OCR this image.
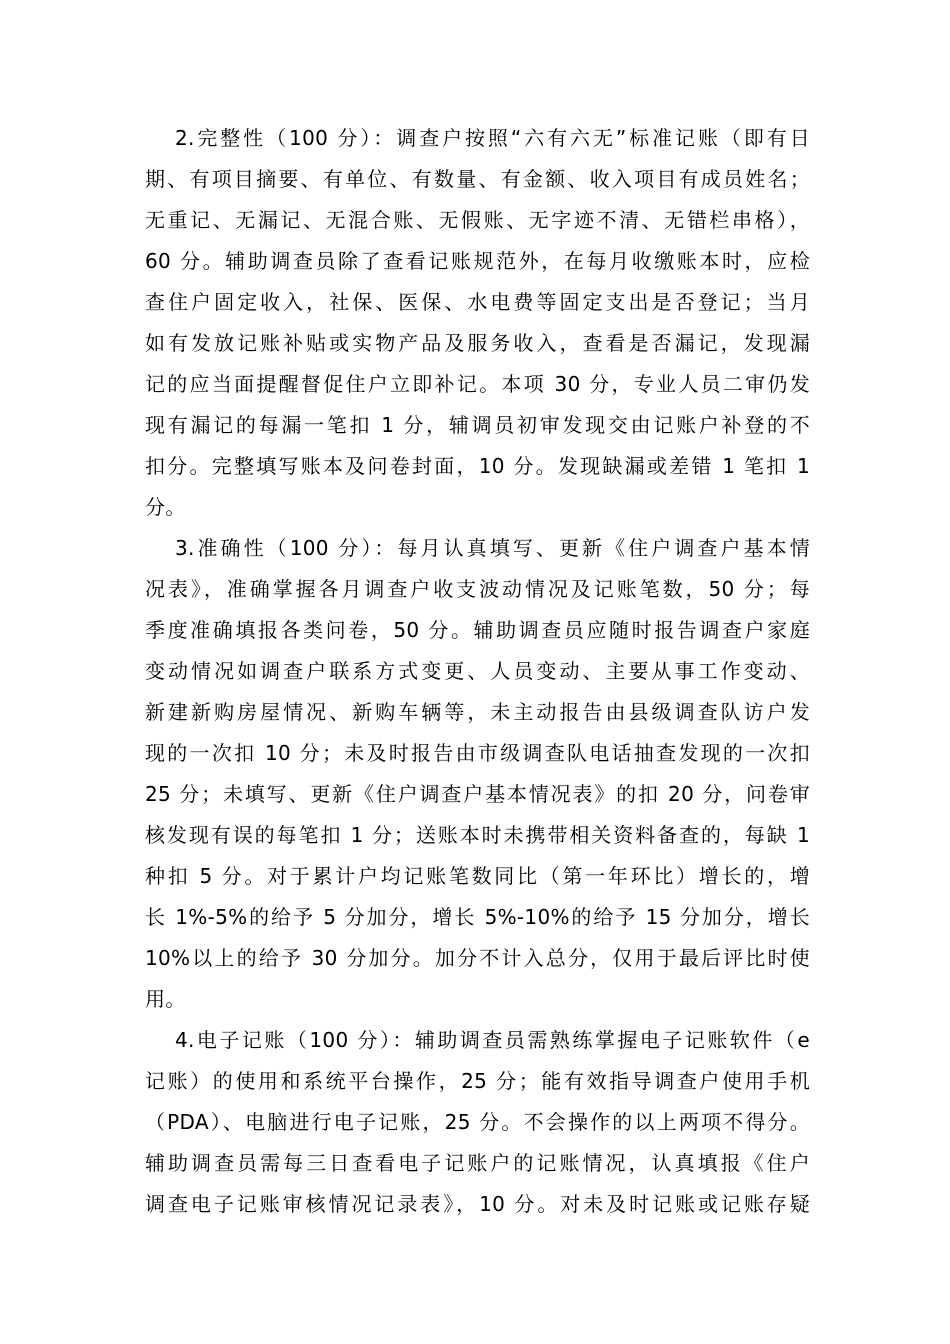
2.完整性（100 分）：调查户按照“六有六无”标准记账（即有日
期、有项目摘要、有单位、有数量、有金额、收入项目有成员姓名；
无重记、无漏记、无混合账、无假账、无字迹不清、无错栏串格），
60 分。辅助调查员除了查看记账规范外，在每月收缴账本时，应检
查住户固定收入，社保、医保、水电费等固定支出是否登记；当月
如有发放记账补贴或实物产品及服务收入，查看是否漏记，发现漏
记的应当面提醒督促住户立即补记。本项 30 分，专业人员二审仍发
现有漏记的每漏一笔扣 1 分，辅调员初审发现交由记账户补登的不
扣分。完整填写账本及问卷封面，10 分。发现缺漏或差错 1 笔扣 1
分。
3.准确性（100 分）：每月认真填写、更新《住户调查户基本情
况表》，准确掌握各月调查户收支波动情况及记账笔数，50 分；每
季度准确填报各类问卷，50 分。辅助调查员应随时报告调查户家庭
变动情况如调查户联系方式变更、人员变动、主要从事工作变动、
新建新购房屋情况、新购车辆等，未主动报告由县级调查队访户发
现的一次扣 10 分；未及时报告由市级调查队电话抽查发现的一次扣
25 分；未填写、更新《住户调查户基本情况表》的扣 20 分，问卷审
核发现有误的每笔扣 1 分；送账本时未携带相关资料备查的，每缺 1
种扣 5 分。对于累计户均记账笔数同比（第一年环比）增长的，增
长 1%-5%的给予 5 分加分，增长 5%-10%的给予 15 分加分，增长
10%以上的给予 30 分加分。加分不计入总分，仅用于最后评比时使
用。
4.电子记账（100 分）：辅助调查员需熟练掌握电子记账软件（e
记账）的使用和系统平台操作，25 分；能有效指导调查户使用手机
（PDA）、电脑进行电子记账，25 分。不会操作的以上两项不得分。
辅助调查员需每三日查看电子记账户的记账情况，认真填报《住户
调查电子记账审核情况记录表》，10 分。对未及时记账或记账存疑
